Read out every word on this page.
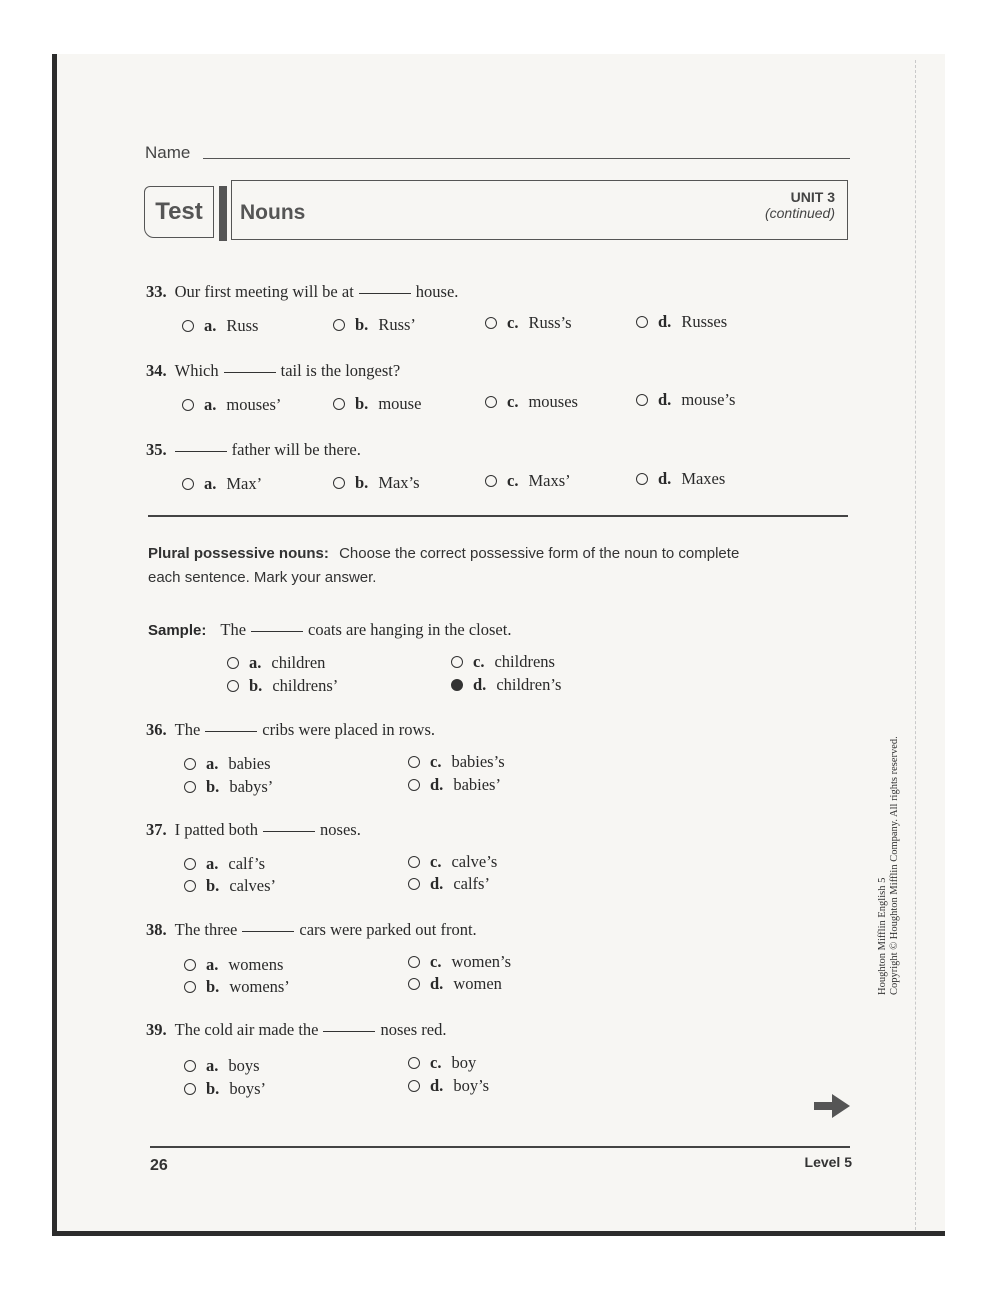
Name
Test	Nouns
UNIT 3
(continued)
33. Our first meeting will be at	house.
a. Russ	b. Russ’	c. Russ’s	d. Russes
34. Which	tail is the longest?
a. mouses’	b. mouse	c. mouses	d. mouse’s
35.	father will be there.
a. Max’	b. Max’s	c. Maxs’	d. Maxes
Plural possessive nouns: Choose the correct possessive form of the noun to complete each sentence. Mark your answer.
Sample: The	coats are hanging in the closet.
a. children
b. childrens’
c. childrens
d. children’s
36. The	cribs were placed in rows.
a. babies
b. babys’
c. babies’s
d. babies’
37. I patted both	noses.
a. calf’s
b. calves’
c. calve’s
d. calfs’
38. The three	cars were parked out front.
a. womens
b. womens’
c. women’s
d. women
39. The cold air made the	noses red.
a. boys
b. boys’
c. boy
d. boy’s
Houghton Mifflin English 5 Copyright © Houghton Mifflin Company. All rights reserved.
26	Level 5
